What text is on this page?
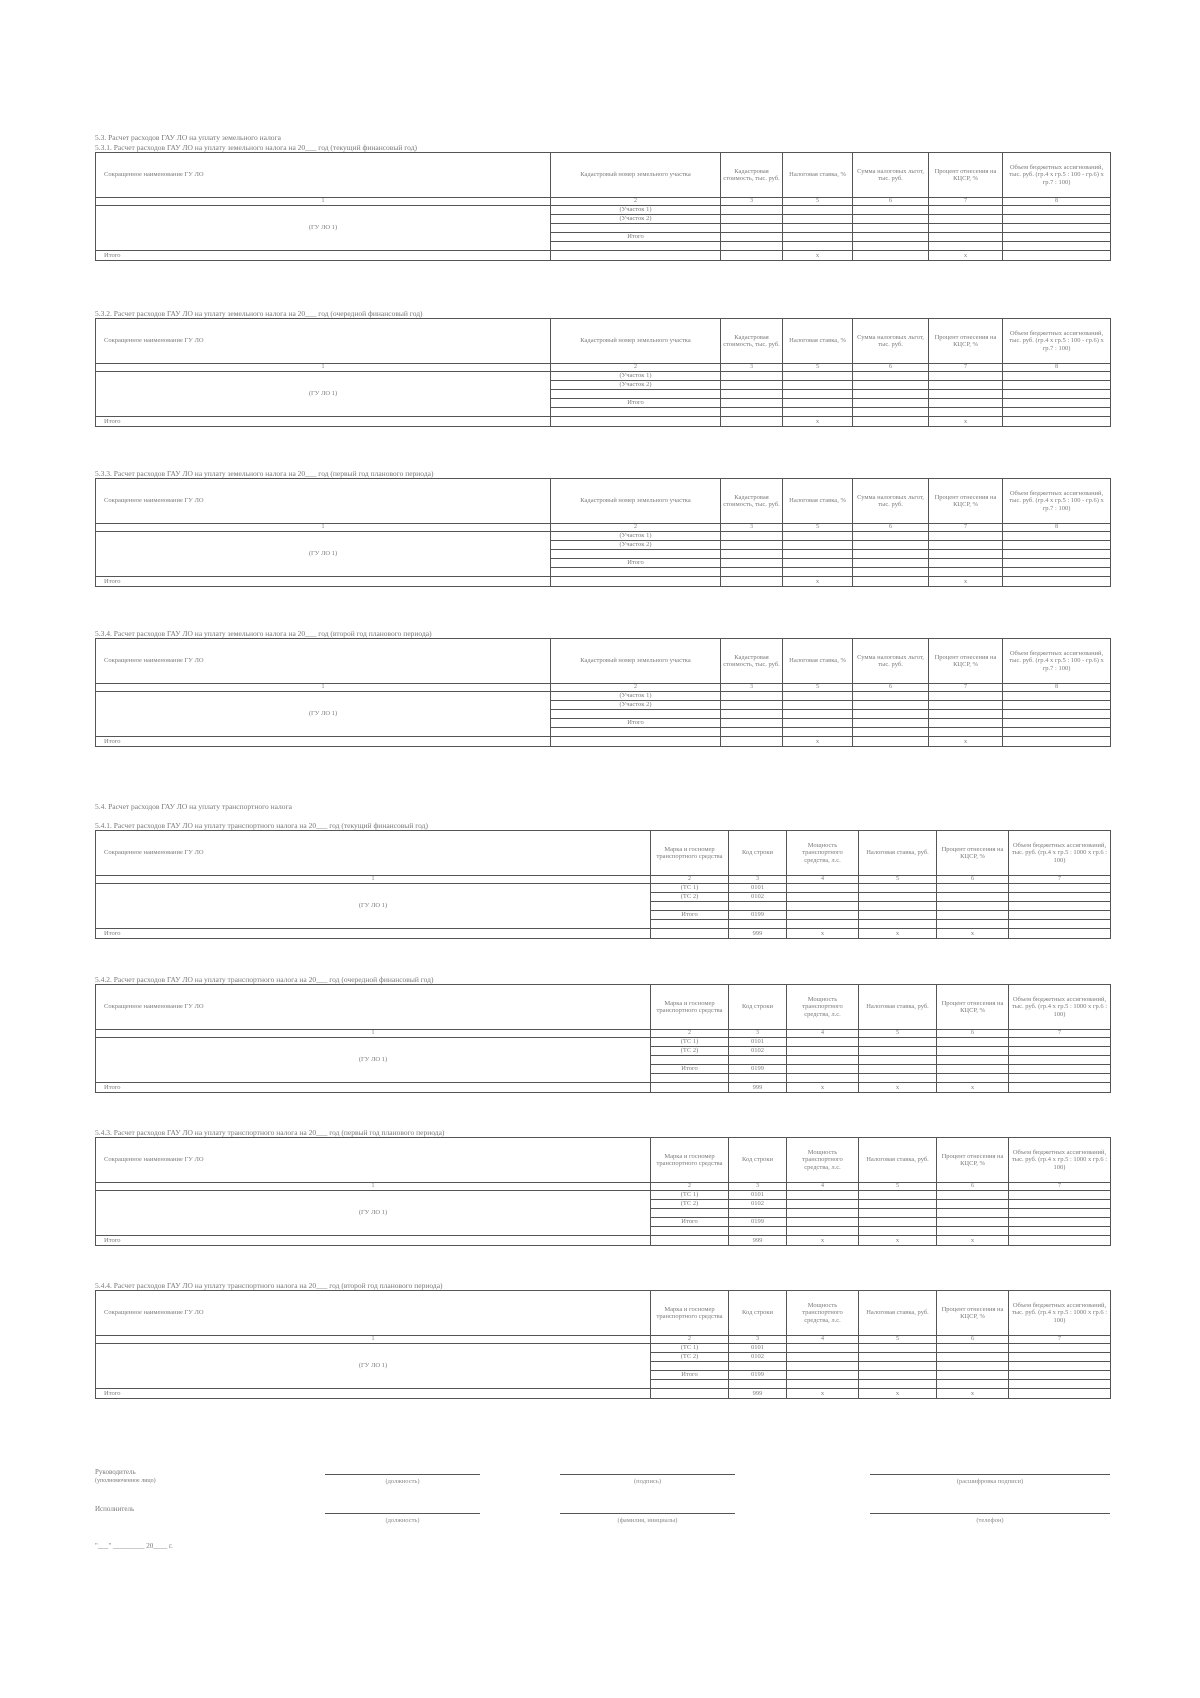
5.3. Расчет расходов ГАУ ЛО на уплату земельного налога
5.3.1. Расчет расходов ГАУ ЛО на уплату земельного налога на 20___ год (текущий финансовый год)
Сокращенное наименование ГУ ЛО	Кадастровый номер земельного участка	Кадастровая стоимость, тыс. руб.	Налоговая ставка, %	Сумма налоговых льгот, тыс. руб.	Процент отнесения на КЦСР, %	Объем бюджетных ассигнований, тыс. руб. (гр.4 х гр.5 : 100 - гр.6) х гр.7 : 100)
1	2	3	5	6	7	8
(ГУ ЛО 1)	(Участок 1)					
	(Участок 2)					

	Итого					

Итого			x		x	
5.3.2. Расчет расходов ГАУ ЛО на уплату земельного налога на 20___ год (очередной финансовый год)
Сокращенное наименование ГУ ЛО	Кадастровый номер земельного участка	Кадастровая стоимость, тыс. руб.	Налоговая ставка, %	Сумма налоговых льгот, тыс. руб.	Процент отнесения на КЦСР, %	Объем бюджетных ассигнований, тыс. руб. (гр.4 х гр.5 : 100 - гр.6) х гр.7 : 100)
1	2	3	5	6	7	8
(ГУ ЛО 1)	(Участок 1)					
	(Участок 2)					

	Итого					

Итого			x		x	
5.3.3. Расчет расходов ГАУ ЛО на уплату земельного налога на 20___ год (первый год планового периода)
Сокращенное наименование ГУ ЛО	Кадастровый номер земельного участка	Кадастровая стоимость, тыс. руб.	Налоговая ставка, %	Сумма налоговых льгот, тыс. руб.	Процент отнесения на КЦСР, %	Объем бюджетных ассигнований, тыс. руб. (гр.4 х гр.5 : 100 - гр.6) х гр.7 : 100)
1	2	3	5	6	7	8
(ГУ ЛО 1)	(Участок 1)					
	(Участок 2)					

	Итого					

Итого			x		x	
5.3.4. Расчет расходов ГАУ ЛО на уплату земельного налога на 20___ год (второй год планового периода)
Сокращенное наименование ГУ ЛО	Кадастровый номер земельного участка	Кадастровая стоимость, тыс. руб.	Налоговая ставка, %	Сумма налоговых льгот, тыс. руб.	Процент отнесения на КЦСР, %	Объем бюджетных ассигнований, тыс. руб. (гр.4 х гр.5 : 100 - гр.6) х гр.7 : 100)
1	2	3	5	6	7	8
(ГУ ЛО 1)	(Участок 1)					
	(Участок 2)					

	Итого					

Итого			x		x	
5.4. Расчет расходов ГАУ ЛО на уплату транспортного налога
5.4.1. Расчет расходов ГАУ ЛО на уплату транспортного налога на 20___ год (текущий финансовый год)
Сокращенное наименование ГУ ЛО	Марка и госномер транспортного средства	Код строки	Мощность транспортного средства, л.с.	Налоговая ставка, руб.	Процент отнесения на КЦСР, %	Объем бюджетных ассигнований, тыс. руб. (гр.4 х гр.5 : 1000 х гр.6 : 100)
1	2	3	4	5	6	7
(ГУ ЛО 1)	(ТС 1)	0101				
	(ТС 2)	0102				

	Итого	0199				

Итого		999	x	x	x	
5.4.2. Расчет расходов ГАУ ЛО на уплату транспортного налога на 20___ год (очередной финансовый год)
Сокращенное наименование ГУ ЛО	Марка и госномер транспортного средства	Код строки	Мощность транспортного средства, л.с.	Налоговая ставка, руб.	Процент отнесения на КЦСР, %	Объем бюджетных ассигнований, тыс. руб. (гр.4 х гр.5 : 1000 х гр.6 : 100)
1	2	3	4	5	6	7
(ГУ ЛО 1)	(ТС 1)	0101				
	(ТС 2)	0102				

	Итого	0199				

Итого		999	x	x	x	
5.4.3. Расчет расходов ГАУ ЛО на уплату транспортного налога на 20___ год (первый год планового периода)
Сокращенное наименование ГУ ЛО	Марка и госномер транспортного средства	Код строки	Мощность транспортного средства, л.с.	Налоговая ставка, руб.	Процент отнесения на КЦСР, %	Объем бюджетных ассигнований, тыс. руб. (гр.4 х гр.5 : 1000 х гр.6 : 100)
1	2	3	4	5	6	7
(ГУ ЛО 1)	(ТС 1)	0101				
	(ТС 2)	0102				

	Итого	0199				

Итого		999	x	x	x	
5.4.4. Расчет расходов ГАУ ЛО на уплату транспортного налога на 20___ год (второй год планового периода)
Сокращенное наименование ГУ ЛО	Марка и госномер транспортного средства	Код строки	Мощность транспортного средства, л.с.	Налоговая ставка, руб.	Процент отнесения на КЦСР, %	Объем бюджетных ассигнований, тыс. руб. (гр.4 х гр.5 : 1000 х гр.6 : 100)
1	2	3	4	5	6	7
(ГУ ЛО 1)	(ТС 1)	0101				
	(ТС 2)	0102				

	Итого	0199				

Итого		999	x	x	x	
Руководитель
(уполномоченное лицо)	(должность)	(подпись)	(расшифровка подписи)
Исполнитель
(должность)	(фамилия, инициалы)	(телефон)
"___" _________ 20____ г.
